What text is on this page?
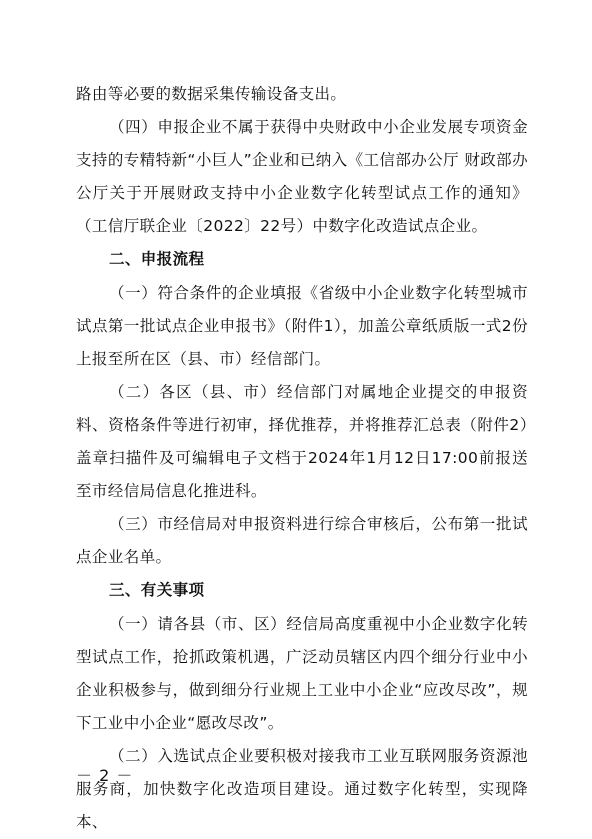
路由等必要的数据采集传输设备支出。

（四）申报企业不属于获得中央财政中小企业发展专项资金支持的专精特新“小巨人”企业和已纳入《工信部办公厅 财政部办公厅关于开展财政支持中小企业数字化转型试点工作的通知》（工信厅联企业〔2022〕22号）中数字化改造试点企业。

二、申报流程

（一）符合条件的企业填报《省级中小企业数字化转型城市试点第一批试点企业申报书》（附件1），加盖公章纸质版一式2份上报至所在区（县、市）经信部门。

（二）各区（县、市）经信部门对属地企业提交的申报资料、资格条件等进行初审，择优推荐，并将推荐汇总表（附件2）盖章扫描件及可编辑电子文档于2024年1月12日17:00前报送至市经信局信息化推进科。

（三）市经信局对申报资料进行综合审核后，公布第一批试点企业名单。

三、有关事项

（一）请各县（市、区）经信局高度重视中小企业数字化转型试点工作，抢抓政策机遇，广泛动员辖区内四个细分行业中小企业积极参与，做到细分行业规上工业中小企业“应改尽改”，规下工业中小企业“愿改尽改”。

（二）入选试点企业要积极对接我市工业互联网服务资源池服务商，加快数字化改造项目建设。通过数字化转型，实现降本、

－ 2 －
